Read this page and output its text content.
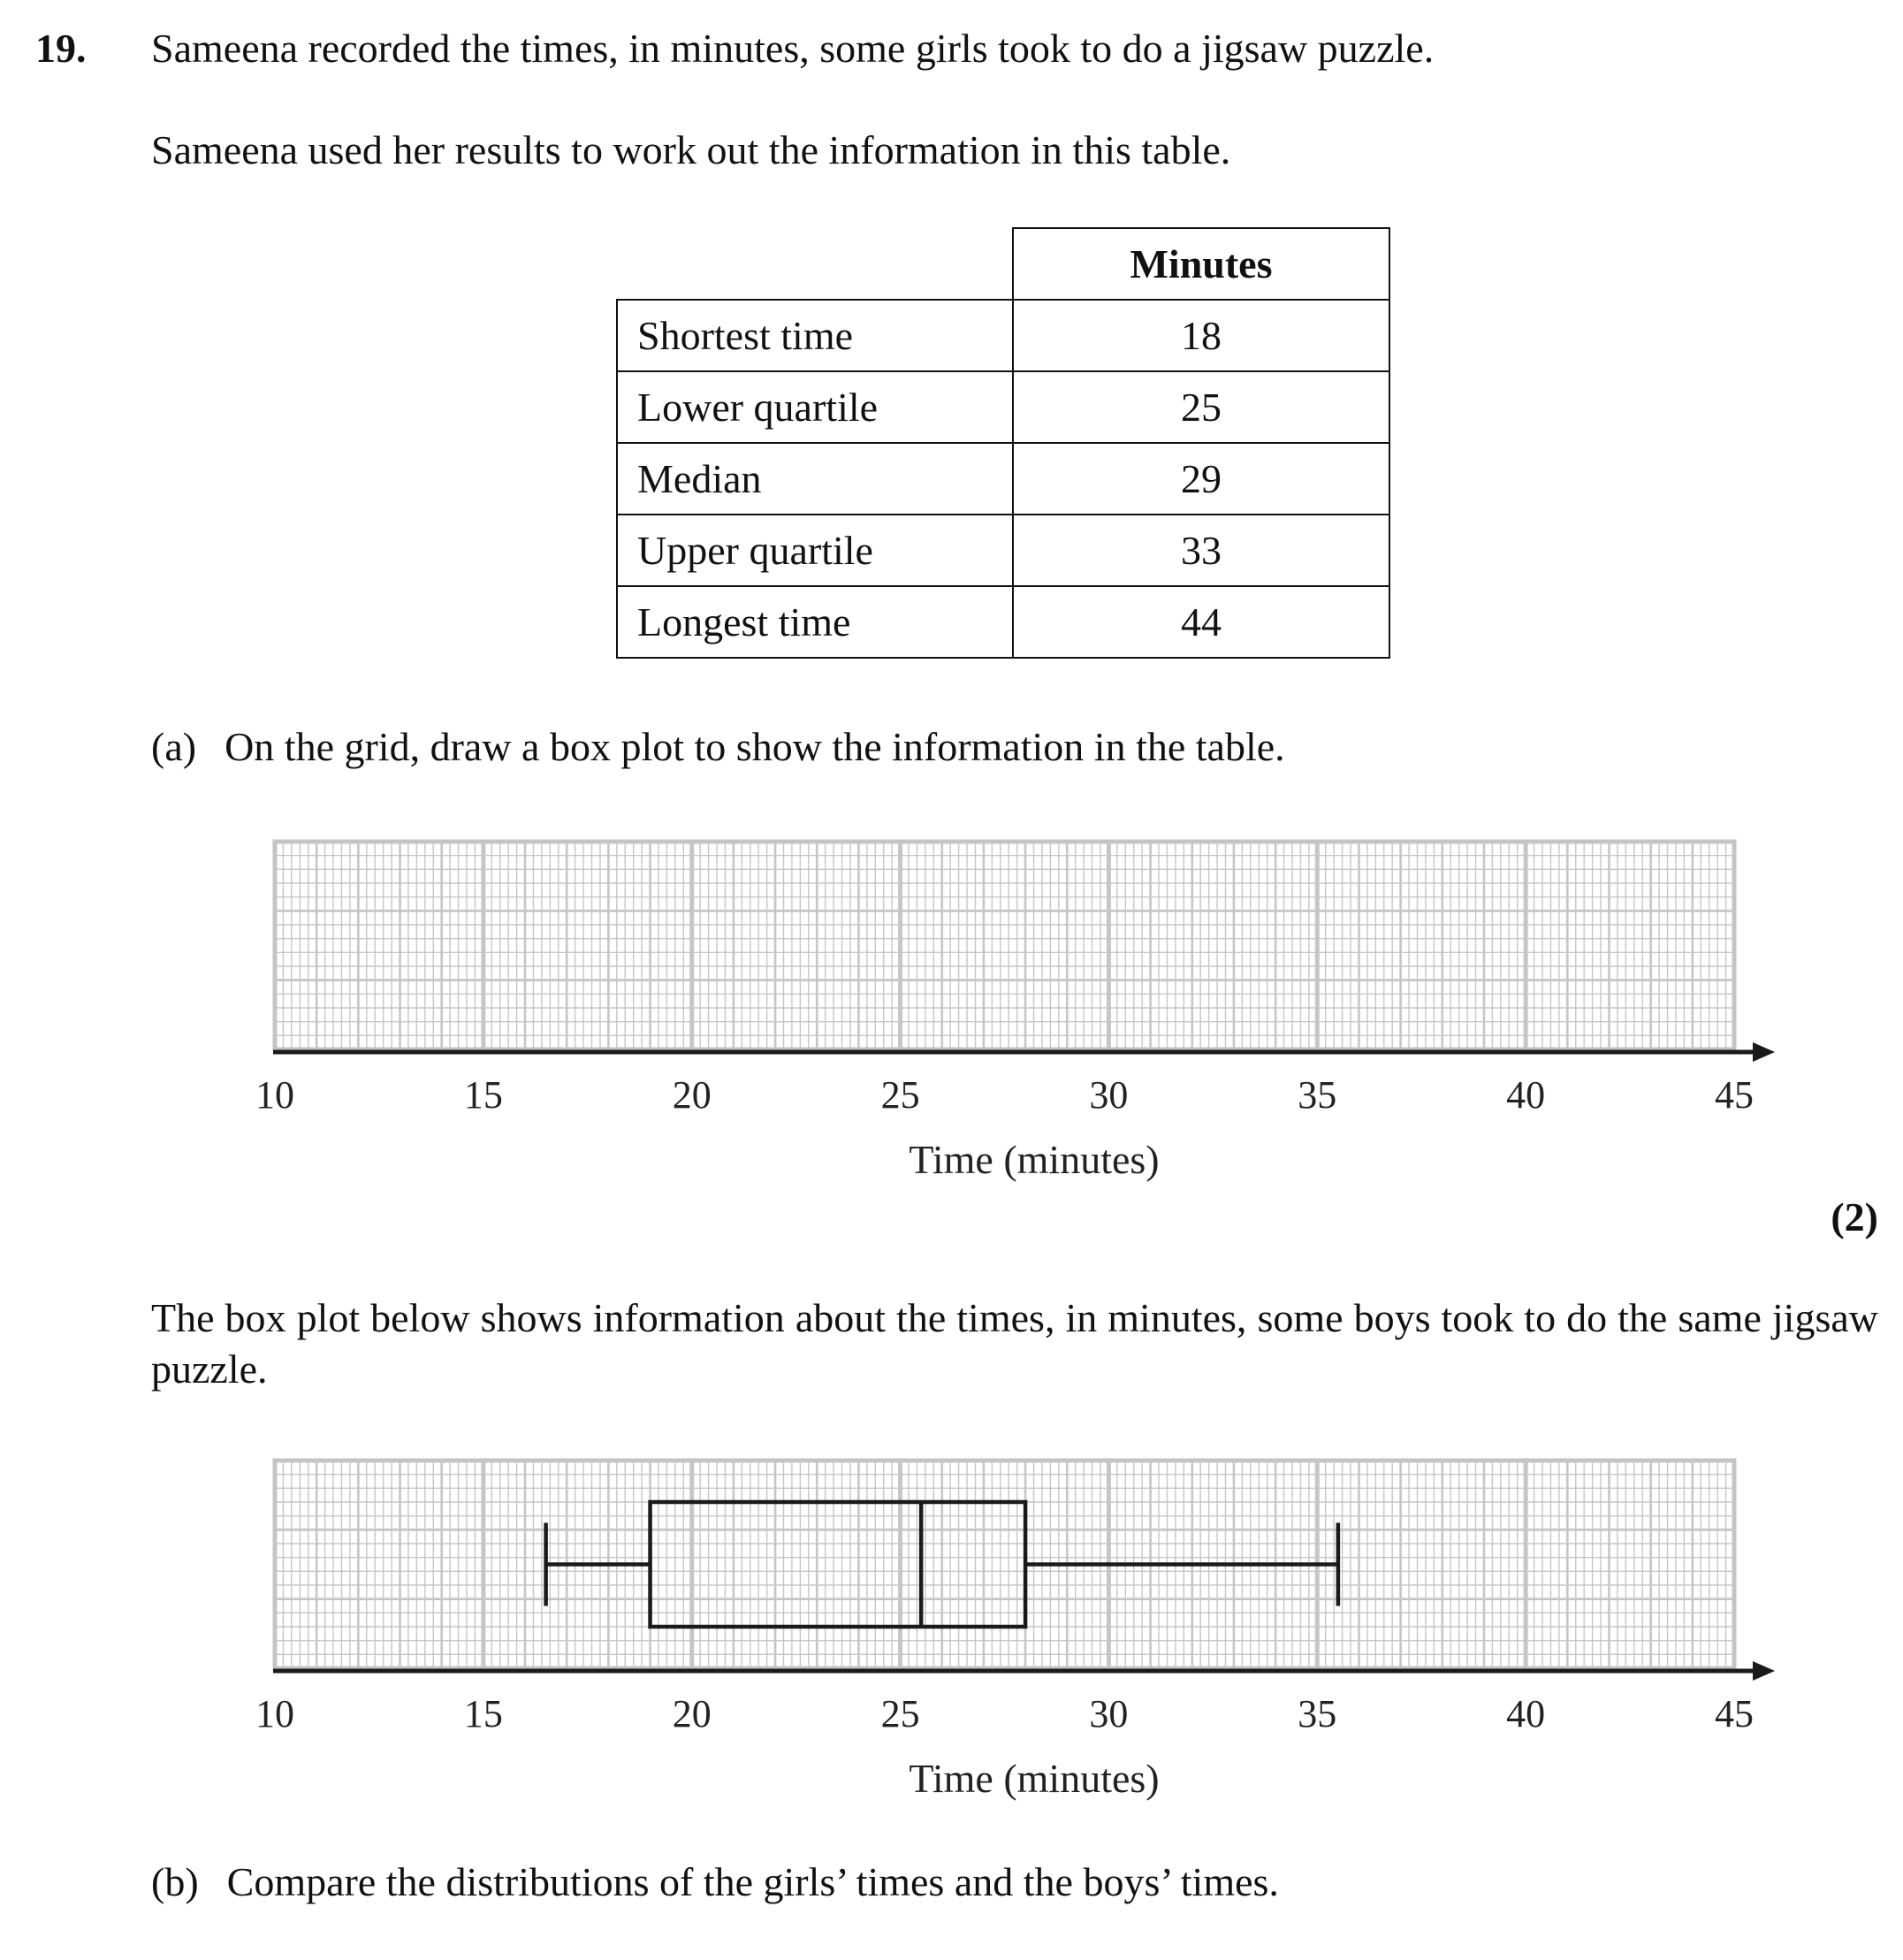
19. Sameena recorded the times, in minutes, some girls took to do a jigsaw puzzle.
Sameena used her results to work out the information in this table.
	Minutes
Shortest time	18
Lower quartile	25
Median	29
Upper quartile	33
Longest time	44
(a) On the grid, draw a box plot to show the information in the table.
10	15	20	25	30	35	40	45
Time (minutes)
(2)
The box plot below shows information about the times, in minutes, some boys took to do the same jigsaw puzzle.
10	15	20	25	30	35	40	45
Time (minutes)
(b) Compare the distributions of the girls’ times and the boys’ times.
